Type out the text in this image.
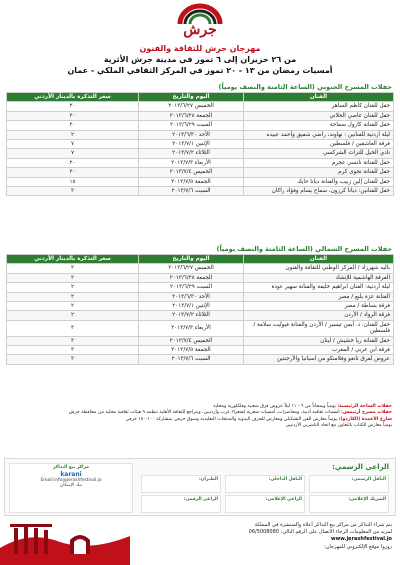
جرش
مهرجان جرش للثقافة والفنون
من ٢٦ حزيران إلى ٦ تموز في مدينة جرش الأثرية
أمسيات رمضان من ١٣ - ٢٠ تموز في المركز الثقافي الملكي - عمان
حفلات المسرح الجنوبي (الساعة الثامنة والنصف يومياً)
الفنان	اليوم والتاريخ	سعر التذكرة بالدينار الأردني
حفل للفنان كاظم الساهر	الخميس ٢٠١٣/٦/٢٧	٢٠
حفل للفنان عاصي الحلاني	الجمعة ٢٠١٣/٦/٢٨	٢٠
حفل للفنانة كارول سماحة	السبت ٢٠١٣/٦/٢٩	٢٠
ليلة أردنية للفنانين : نهاوند، راضي شفيق وأحمد عبيده	الأحد ٢٠١٣/٦/٣٠	٢
فرقة العاشقين / فلسطين	الإثنين ٢٠١٣/٧/١	٧
نادي الخيل للتراث الشركسي	الثلاثاء ٢٠١٣/٧/٢	٧
حفل للفنانة نانسي عجرم	الأربعاء ٢٠١٣/٧/٣	٢٠
حفل للفنانة نجوى كرم	الخميس ٢٠١٣/٧/٤	٢٠
حفل للفنان إلين زبيب والفنانة ديانا حايك	الجمعة ٢٠١٣/٧/٥	١٥
حفل للفنانين: ديانا كرزون، سماح بسام وفؤاد راكان	السبت ٢٠١٣/٧/٦	٣
حفلات المسرح الشمالي (الساعة الثامنة والنصف يومياً)
الفنان	اليوم والتاريخ	سعر التذكرة بالدينار الأردني
باليه شهرزاد / المركز الوطني للثقافة والفنون	الخميس ٢٠١٣/٦/٢٧	٢
الفرقة الهاشمية للإنشاد	الجمعة ٢٠١٣/٦/٢٨	٢
ليلة أردنية: الفنان ابراهيم خليفة والفنانة سهير عودة	السبت ٢٠١٣/٦/٢٩	٢
الفنانة عزة بلبع / مصر	الأحد ٢٠١٣/٦/٣٠	٢
فرقة بساطة / مصر	الإثنين ٢٠١٣/٧/١	٢
فرقة الرواد / الأردن	الثلاثاء ٢٠١٣/٧/٢	٢
حفل للفنان: د. أيمن تيسير / الأردن والفنانة فيوليت سلامة / فلسطين	الأربعاء ٢٠١٣/٧/٣	٣
حفل للفنانة ريا خشيش / لبنان	الخميس ٢٠١٣/٧/٤	٣
فرقة ابن عربي / المغرب	الجمعة ٢٠١٣/٧/٥	٣
عروض لفرق تانغو وفلامنكو من اسبانيا والأرجنتين	السبت ٢٠١٣/٧/٦	٣
حفلات الساحة الرئيسية: يومياً وبمجاناً من ٦ - ١١ ليلاً عروض فرق شعبية وفلكلورية ومحلية
حفلات مسرح أرتيمس: أمسيات ثقافية أدبية، ومحاضرات، أمسيات شعرية لشعراء عرب وأردنيين، ويتراجع للثقافة الأهلية تنظمه ٩ هيئات ثقافية محلية من محافظة جرش
شارع الأعمدة (الكاردو): يومياً معارض للفن التشكيلي ومعارض للحرف اليدوية والمنتجات التقليدية وسوق حرفي بمشاركة ١٠٠-١٥٠ حرفي
يومياً معارض للكتاب بالتعاون مع اتحاد الناشرين الأردنيين
الراعي الرسمي:
الناقل الرسمي:
الناقل الداخلي:
الطيران:
الشريك الإعلامي:
الراعي الإعلامي:
الراعي الرقمي:
مراكز بيع التذاكر
karani
Email:info@jerashfestival.jo
بنك الإسكان
يتم شراء التذاكر من مراكز بيع التذاكر أعلاه والمنتشرة في المملكة
لمزيد من المعلومات الرجاء الاتصال على الرقم التالي: 06/5008080
www.jerashfestival.jo
زوروا موقع الإلكتروني للمهرجان:
